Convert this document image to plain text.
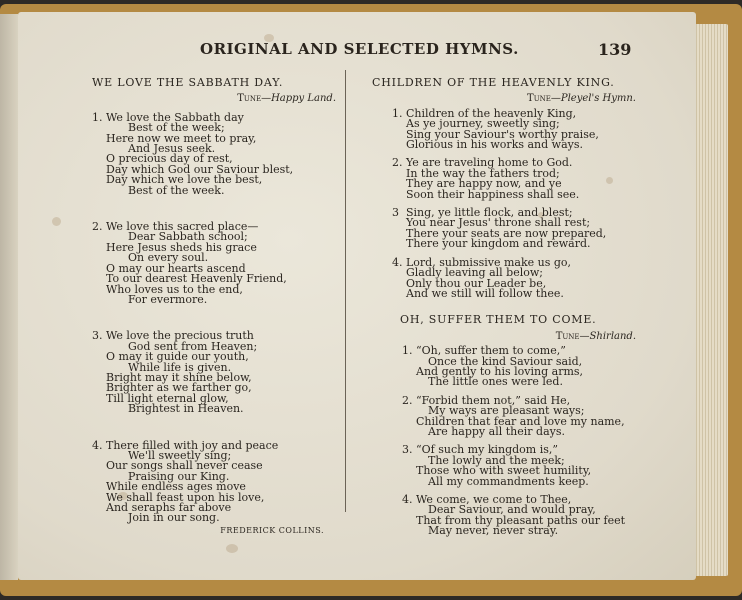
ORIGINAL AND SELECTED HYMNS.	139
WE LOVE THE SABBATH DAY.
Tune—Happy Land.
1. We love the Sabbath day
Best of the week;
Here now we meet to pray,
And Jesus seek.
O precious day of rest,
Day which God our Saviour blest,
Day which we love the best,
Best of the week.
2. We love this sacred place—
Dear Sabbath school;
Here Jesus sheds his grace
On every soul.
O may our hearts ascend
To our dearest Heavenly Friend,
Who loves us to the end,
For evermore.
3. We love the precious truth
God sent from Heaven;
O may it guide our youth,
While life is given.
Bright may it shine below,
Brighter as we farther go,
Till light eternal glow,
Brightest in Heaven.
4. There filled with joy and peace
We'll sweetly sing;
Our songs shall never cease
Praising our King.
While endless ages move
We shall feast upon his love,
And seraphs far above
Join in our song.
FREDERICK COLLINS.
CHILDREN OF THE HEAVENLY KING.
Tune—Pleyel's Hymn.
1. Children of the heavenly King,
As ye journey, sweetly sing;
Sing your Saviour's worthy praise,
Glorious in his works and ways.
2. Ye are traveling home to God.
In the way the fathers trod;
They are happy now, and ye
Soon their happiness shall see.
3 Sing, ye little flock, and blest;
You near Jesus' throne shall rest;
There your seats are now prepared,
There your kingdom and reward.
4. Lord, submissive make us go,
Gladly leaving all below;
Only thou our Leader be,
And we still will follow thee.
OH, SUFFER THEM TO COME.
Tune—Shirland.
1. “Oh, suffer them to come,”
Once the kind Saviour said,
And gently to his loving arms,
The little ones were led.
2. “Forbid them not,” said He,
My ways are pleasant ways;
Children that fear and love my name,
Are happy all their days.
3. “Of such my kingdom is,”
The lowly and the meek;
Those who with sweet humility,
All my commandments keep.
4. We come, we come to Thee,
Dear Saviour, and would pray,
That from thy pleasant paths our feet
May never, never stray.
